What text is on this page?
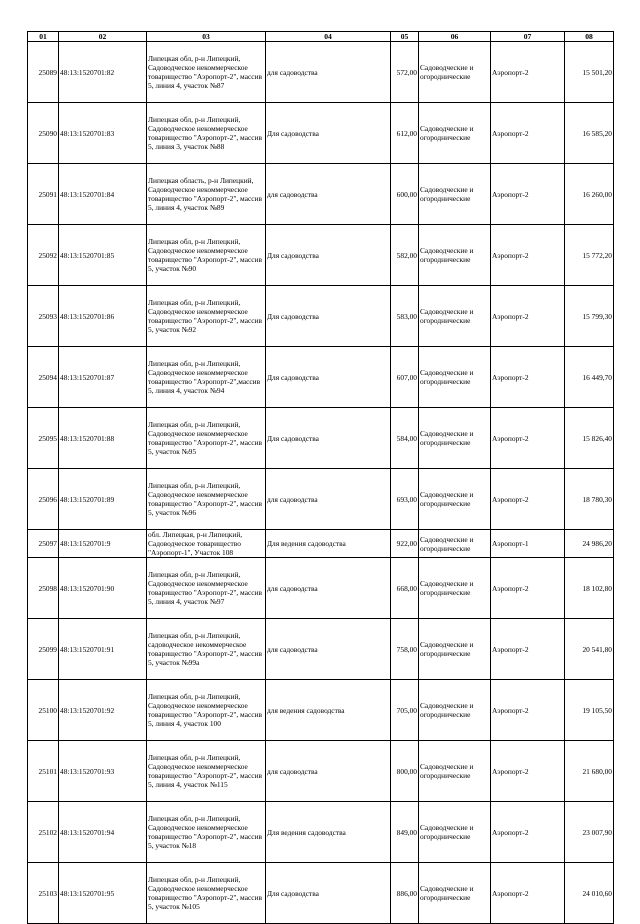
01	02	03	04	05	06	07	08

25089	48:13:1520701:82	Липецкая обл, р-н Липецкий, Садоводческое некоммерческое товарищество "Аэропорт-2", массив 5, линия 4, участок №87	для садоводства	572,00	Садоводческие и огороднические	Аэропорт-2	15 501,20

25090	48:13:1520701:83	Липецкая обл, р-н Липецкий, Садоводческое некоммерческое товарищество "Аэропорт-2", массив 5, линия 3, участок №88	Для садоводства	612,00	Садоводческие и огороднические	Аэропорт-2	16 585,20

25091	48:13:1520701:84	Липецкая область, р-н Липецкий, Садоводческое некоммерческое товарищество "Аэропорт-2", массив 5, линия 4, участок №89	для садоводства	600,00	Садоводческие и огороднические	Аэропорт-2	16 260,00

25092	48:13:1520701:85	Липецкая обл, р-н Липецкий, Садоводческое некоммерческое товарищество "Аэропорт-2", массив 5, участок №90	Для садоводства	582,00	Садоводческие и огороднические	Аэропорт-2	15 772,20

25093	48:13:1520701:86	Липецкая обл, р-н Липецкий, Садоводческое некоммерческое товарищество "Аэропорт-2", массив 5, участок №92	Для садоводства	583,00	Садоводческие и огороднические	Аэропорт-2	15 799,30

25094	48:13:1520701:87	Липецкая обл, р-н Липецкий, Садоводческое некоммерческое товарищество "Аэропорт-2",массив 5, линия 4, участок №94	Для садоводства	607,00	Садоводческие и огороднические	Аэропорт-2	16 449,70

25095	48:13:1520701:88	Липецкая обл, р-н Липецкий, Садоводческое некоммерческое товарищество "Аэропорт-2", массив 5, участок №95	Для садоводства	584,00	Садоводческие и огороднические	Аэропорт-2	15 826,40

25096	48:13:1520701:89	Липецкая обл, р-н Липецкий, Садоводческое некоммерческое товарищество "Аэропорт-2", массив 5, участок №96	для садоводства	693,00	Садоводческие и огороднические	Аэропорт-2	18 780,30

25097	48:13:1520701:9	обл. Липецкая, р-н Липецкий, Садоводческое товарищество "Аэропорт-1", Участок 108	Для ведения садоводства	922,00	Садоводческие и огороднические	Аэропорт-1	24 986,20

25098	48:13:1520701:90	Липецкая обл, р-н Липецкий, Садоводческое некоммерческое товарищество "Аэропорт-2", массив 5, линия 4, участок №97	для садоводства	668,00	Садоводческие и огороднические	Аэропорт-2	18 102,80

25099	48:13:1520701:91	Липецкая обл, р-н Липецкий, садоводческое некоммерческое товарищество "Аэропорт-2", массив 5, участок №99а	для садоводства	758,00	Садоводческие и огороднические	Аэропорт-2	20 541,80

25100	48:13:1520701:92	Липецкая обл, р-н Липецкий, Садоводческое некоммерческое товарищество "Аэропорт-2", массив 5, линия 4, участок 100	для ведения садоводства	705,00	Садоводческие и огороднические	Аэропорт-2	19 105,50

25101	48:13:1520701:93	Липецкая обл, р-н Липецкий, Садоводческое некоммерческое товарищество "Аэропорт-2", массив 5, линия 4, участок №115	для садоводства	800,00	Садоводческие и огороднические	Аэропорт-2	21 680,00

25102	48:13:1520701:94	Липецкая обл, р-н Липецкий, Садоводческое некоммерческое товарищество "Аэропорт-2", массив 5, участок №18	Для ведения садоводства	849,00	Садоводческие и огороднические	Аэропорт-2	23 007,90

25103	48:13:1520701:95	Липецкая обл, р-н Липецкий, Садоводческое некоммерческое товарищество "Аэропорт-2", массив 5, участок №105	Для садоводства	886,00	Садоводческие и огороднические	Аэропорт-2	24 010,60
